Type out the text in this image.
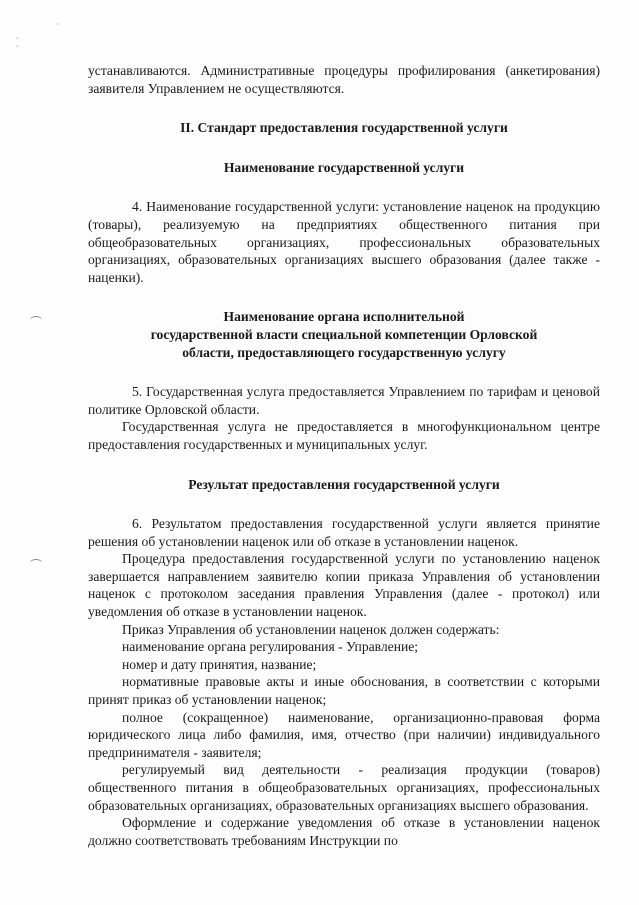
·
·
·

устанавливаются. Административные процедуры профилирования (анкетирования) заявителя Управлением не осуществляются.

II. Стандарт предоставления государственной услуги

Наименование государственной услуги

4. Наименование государственной услуги: установление наценок на продукцию (товары), реализуемую на предприятиях общественного питания при общеобразовательных организациях, профессиональных образовательных организациях, образовательных организациях высшего образования (далее также - наценки).

Наименование органа исполнительной

государственной власти специальной компетенции Орловской

области, предоставляющего государственную услугу

5. Государственная услуга предоставляется Управлением по тарифам и ценовой политике Орловской области.

Государственная услуга не предоставляется в многофункциональном центре предоставления государственных и муниципальных услуг.

Результат предоставления государственной услуги

6. Результатом предоставления государственной услуги является принятие решения об установлении наценок или об отказе в установлении наценок.

Процедура предоставления государственной услуги по установлению наценок завершается направлением заявителю копии приказа Управления об установлении наценок с протоколом заседания правления Управления (далее - протокол) или уведомления об отказе в установлении наценок.

Приказ Управления об установлении наценок должен содержать:

наименование органа регулирования - Управление;

номер и дату принятия, название;

нормативные правовые акты и иные обоснования, в соответствии с которыми принят приказ об установлении наценок;

полное (сокращенное) наименование, организационно-правовая форма юридического лица либо фамилия, имя, отчество (при наличии) индивидуального предпринимателя - заявителя;

регулируемый вид деятельности - реализация продукции (товаров) общественного питания в общеобразовательных организациях, профессиональных образовательных организациях, образовательных организациях высшего образования.

Оформление и содержание уведомления об отказе в установлении наценок должно соответствовать требованиям Инструкции по
